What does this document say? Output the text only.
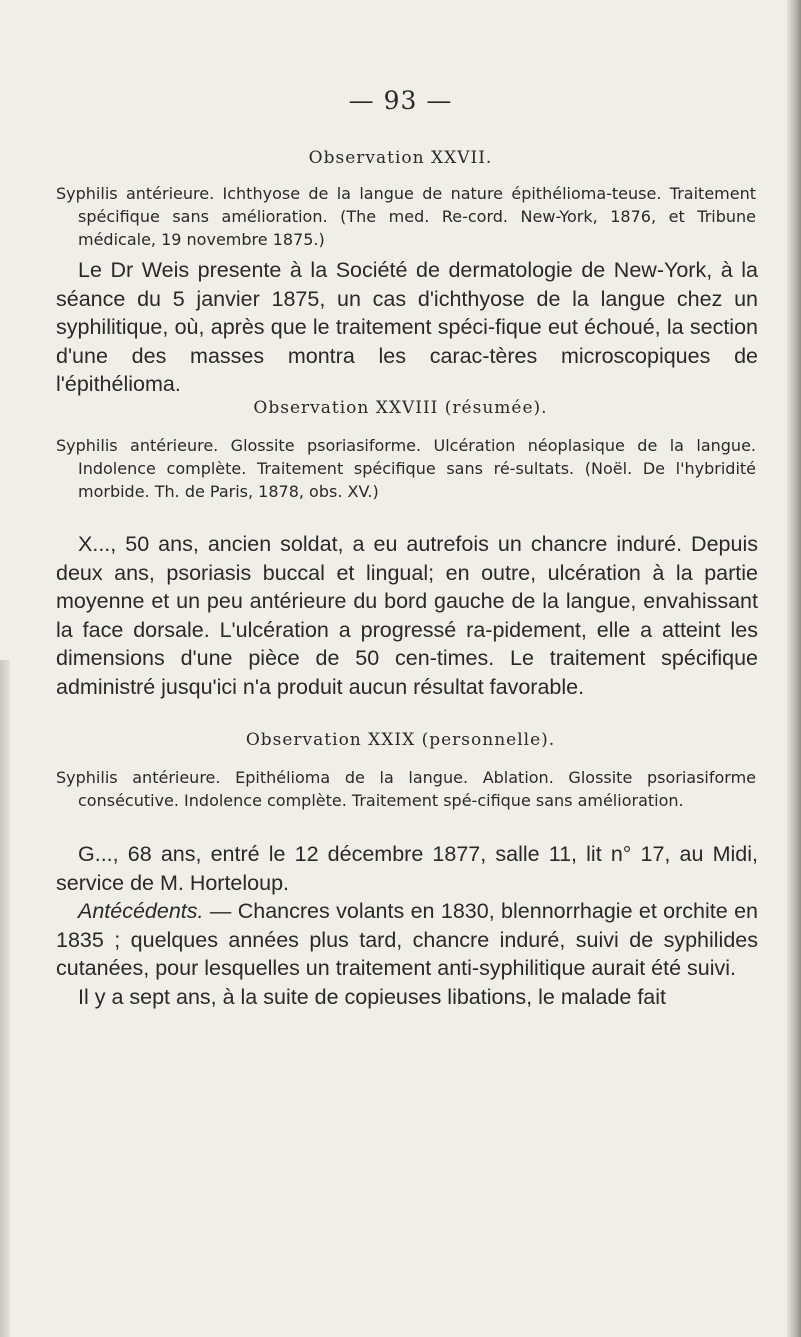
— 93 —
Observation XXVII.
Syphilis antérieure. Ichthyose de la langue de nature épithélioma-teuse. Traitement spécifique sans amélioration. (The med. Re-cord. New-York, 1876, et Tribune médicale, 19 novembre 1875.)

Le Dr Weis presente à la Société de dermatologie de New-York, à la séance du 5 janvier 1875, un cas d'ichthyose de la langue chez un syphilitique, où, après que le traitement spéci-fique eut échoué, la section d'une des masses montra les carac-tères microscopiques de l'épithélioma.

Observation XXVIII (résumée).
Syphilis antérieure. Glossite psoriasiforme. Ulcération néoplasique de la langue. Indolence complète. Traitement spécifique sans ré-sultats. (Noël. De l'hybridité morbide. Th. de Paris, 1878, obs. XV.)

X..., 50 ans, ancien soldat, a eu autrefois un chancre induré. Depuis deux ans, psoriasis buccal et lingual; en outre, ulcération à la partie moyenne et un peu antérieure du bord gauche de la langue, envahissant la face dorsale. L'ulcération a progressé ra-pidement, elle a atteint les dimensions d'une pièce de 50 cen-times. Le traitement spécifique administré jusqu'ici n'a produit aucun résultat favorable.

Observation XXIX (personnelle).
Syphilis antérieure. Epithélioma de la langue. Ablation. Glossite psoriasiforme consécutive. Indolence complète. Traitement spé-cifique sans amélioration.

G..., 68 ans, entré le 12 décembre 1877, salle 11, lit n° 17, au Midi, service de M. Horteloup.

Antécédents. — Chancres volants en 1830, blennorrhagie et orchite en 1835 ; quelques années plus tard, chancre induré, suivi de syphilides cutanées, pour lesquelles un traitement anti-syphilitique aurait été suivi.

Il y a sept ans, à la suite de copieuses libations, le malade fait
